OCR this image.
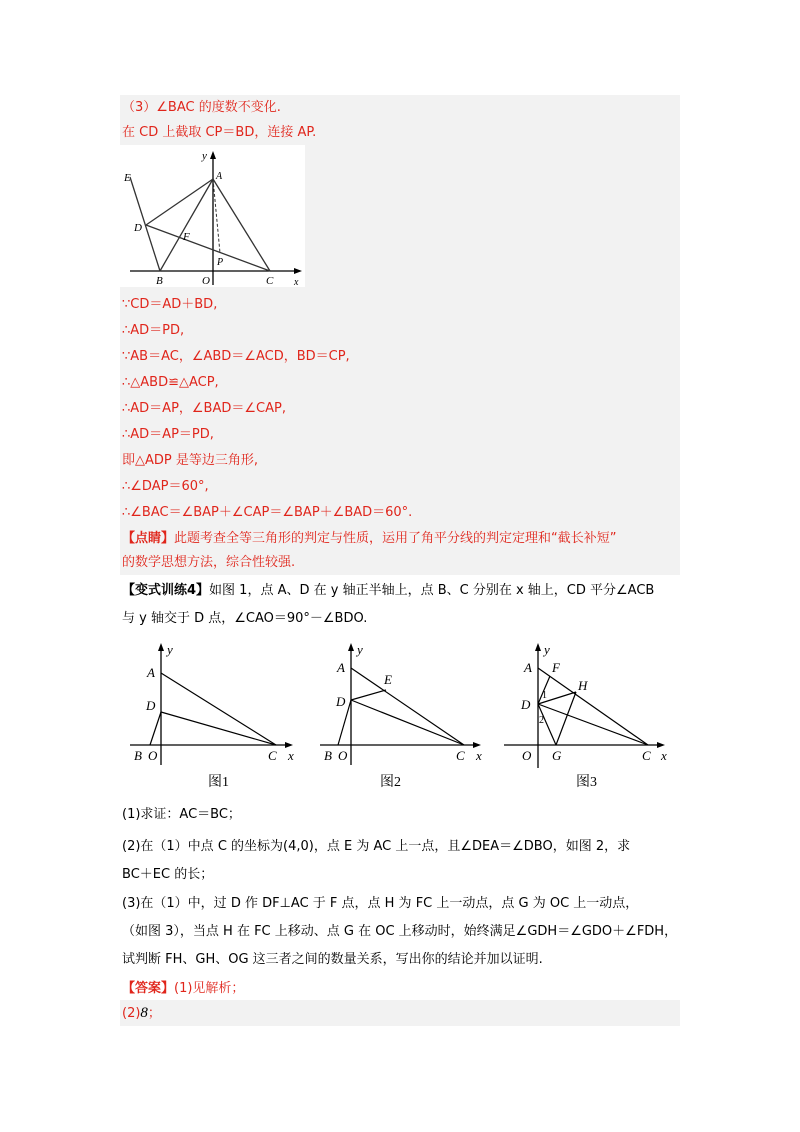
（3）∠BAC 的度数不变化.
在 CD 上截取 CP＝BD，连接 AP.
E
y
A
D
F
P
B	O	C x
∵CD＝AD＋BD,
∴AD＝PD,
∵AB＝AC，∠ABD＝∠ACD，BD＝CP,
∴△ABD≌△ACP,
∴AD＝AP，∠BAD＝∠CAP,
∴AD＝AP＝PD,
即△ADP 是等边三角形,
∴∠DAP＝60°,
∴∠BAC＝∠BAP＋∠CAP＝∠BAP＋∠BAD＝60°.
【点睛】此题考查全等三角形的判定与性质，运用了角平分线的判定定理和“截长补短”
的数学思想方法，综合性较强.
【变式训练4】如图 1，点 A、D 在 y 轴正半轴上，点 B、C 分别在 x 轴上，CD 平分∠ACB
与 y 轴交于 D 点，∠CAO＝90°－∠BDO.
y
A
D
B O	C x
图1
y
A
E
D
B O	C x
图2
y
A F
H
D
1
2
O G	C x
图3
(1)求证：AC＝BC；
(2)在（1）中点 C 的坐标为(4,0)，点 E 为 AC 上一点，且∠DEA＝∠DBO，如图 2，求
BC＋EC 的长；
(3)在（1）中，过 D 作 DF⊥AC 于 F 点，点 H 为 FC 上一动点，点 G 为 OC 上一动点，
（如图 3），当点 H 在 FC 上移动、点 G 在 OC 上移动时，始终满足∠GDH＝∠GDO＋∠FDH，
试判断 FH、GH、OG 这三者之间的数量关系，写出你的结论并加以证明.
【答案】(1)见解析；
(2)8；
